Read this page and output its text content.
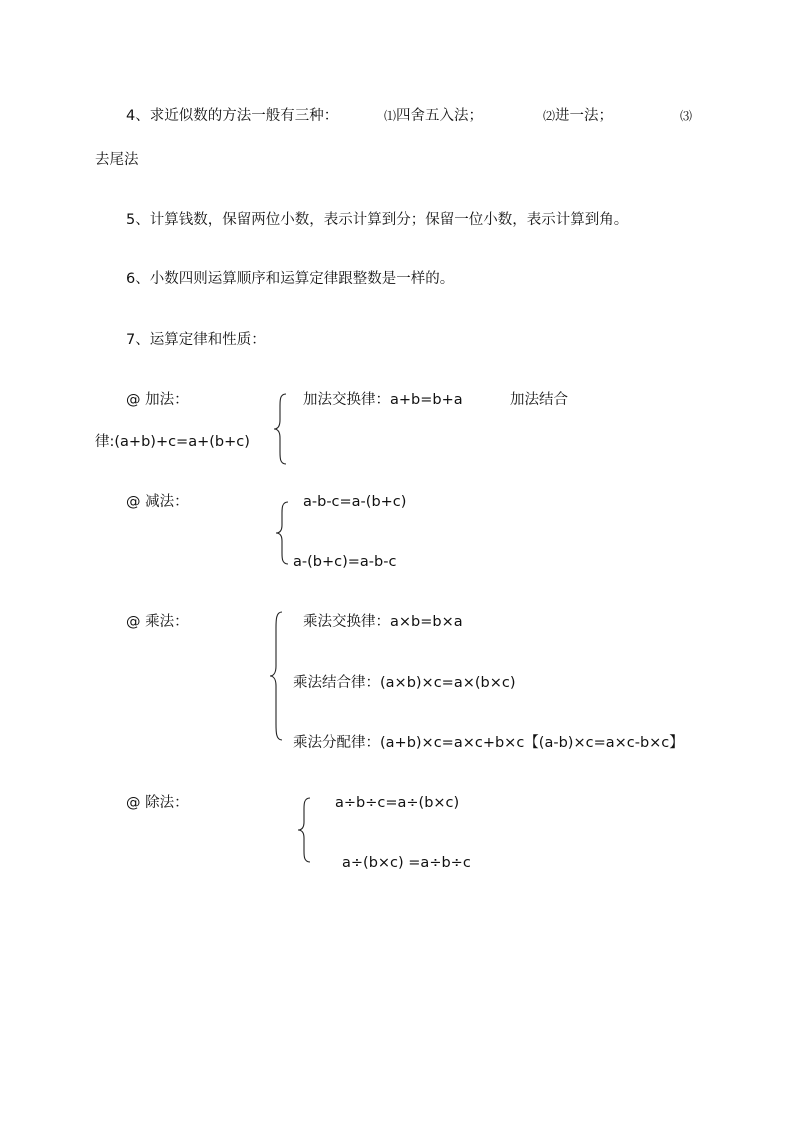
4、求近似数的方法一般有三种：	⑴四舍五入法；	⑵进一法；	⑶
去尾法
5、计算钱数，保留两位小数，表示计算到分；保留一位小数，表示计算到角。
6、小数四则运算顺序和运算定律跟整数是一样的。
7、运算定律和性质：
@ 加法：	加法交换律：a+b=b+a	加法结合
律:(a+b)+c=a+(b+c)
@ 减法：	a-b-c=a-(b+c)
a-(b+c)=a-b-c
@ 乘法：	乘法交换律：a×b=b×a
乘法结合律：(a×b)×c=a×(b×c)
乘法分配律：(a+b)×c=a×c+b×c【(a-b)×c=a×c-b×c】
@ 除法：	a÷b÷c=a÷(b×c)
a÷(b×c) =a÷b÷c
